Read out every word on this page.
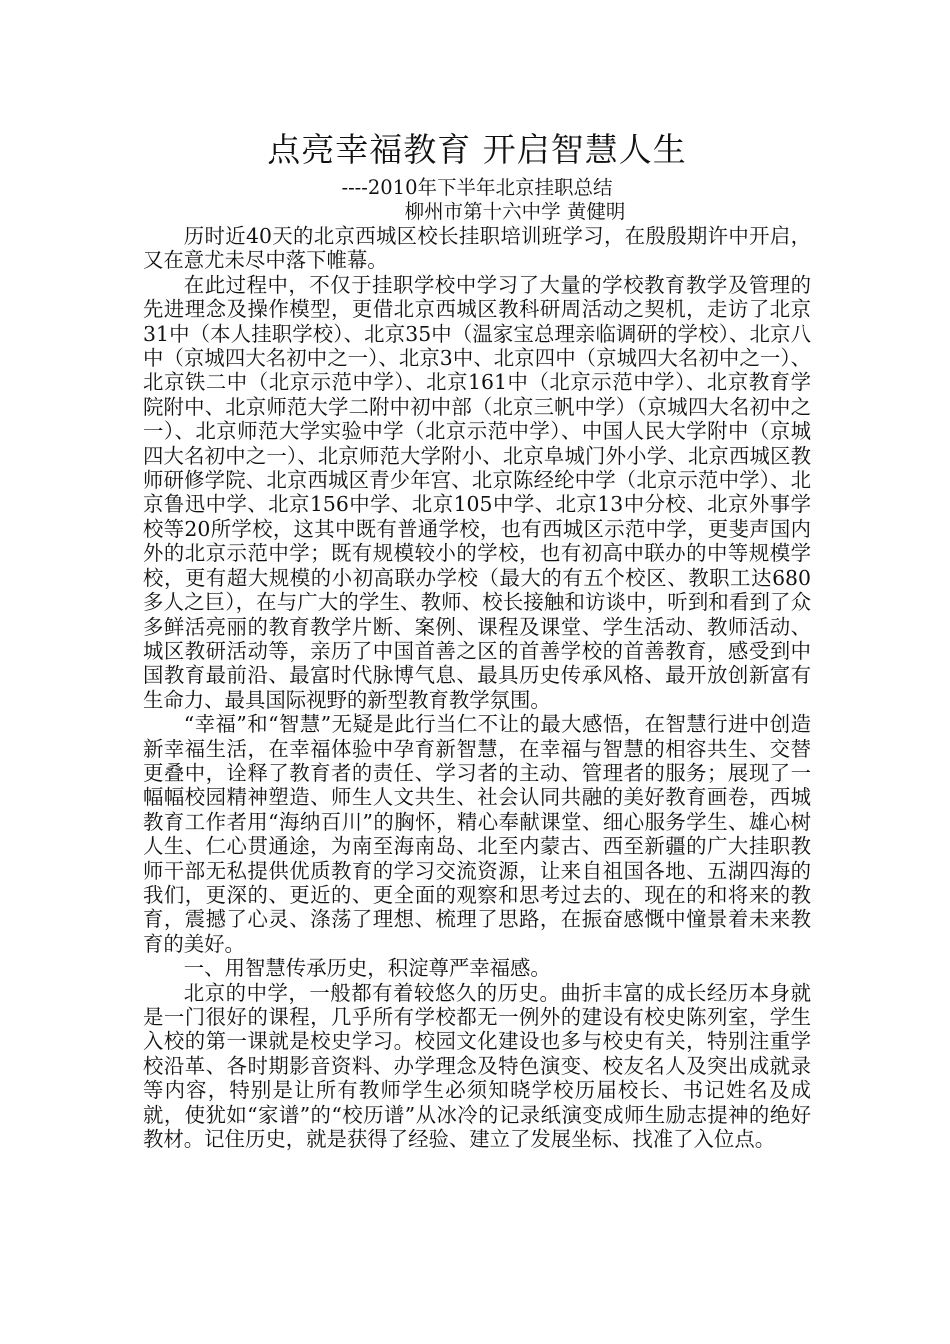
点亮幸福教育 开启智慧人生
----2010年下半年北京挂职总结
柳州市第十六中学 黄健明

历时近40天的北京西城区校长挂职培训班学习，在殷殷期许中开启，又在意尤未尽中落下帷幕。

在此过程中，不仅于挂职学校中学习了大量的学校教育教学及管理的先进理念及操作模型，更借北京西城区教科研周活动之契机，走访了北京31中（本人挂职学校）、北京35中（温家宝总理亲临调研的学校）、北京八中（京城四大名初中之一）、北京3中、北京四中（京城四大名初中之一）、北京铁二中（北京示范中学）、北京161中（北京示范中学）、北京教育学院附中、北京师范大学二附中初中部（北京三帆中学）（京城四大名初中之一）、北京师范大学实验中学（北京示范中学）、中国人民大学附中（京城四大名初中之一）、北京师范大学附小、北京阜城门外小学、北京西城区教师研修学院、北京西城区青少年宫、北京陈经纶中学（北京示范中学）、北京鲁迅中学、北京156中学、北京105中学、北京13中分校、北京外事学校等20所学校，这其中既有普通学校，也有西城区示范中学，更斐声国内外的北京示范中学；既有规模较小的学校，也有初高中联办的中等规模学校，更有超大规模的小初高联办学校（最大的有五个校区、教职工达680多人之巨），在与广大的学生、教师、校长接触和访谈中，听到和看到了众多鲜活亮丽的教育教学片断、案例、课程及课堂、学生活动、教师活动、城区教研活动等，亲历了中国首善之区的首善学校的首善教育，感受到中国教育最前沿、最富时代脉博气息、最具历史传承风格、最开放创新富有生命力、最具国际视野的新型教育教学氛围。

“幸福”和“智慧”无疑是此行当仁不让的最大感悟，在智慧行进中创造新幸福生活，在幸福体验中孕育新智慧，在幸福与智慧的相容共生、交替更叠中，诠释了教育者的责任、学习者的主动、管理者的服务；展现了一幅幅校园精神塑造、师生人文共生、社会认同共融的美好教育画卷，西城教育工作者用“海纳百川”的胸怀，精心奉献课堂、细心服务学生、雄心树人生、仁心贯通途，为南至海南岛、北至内蒙古、西至新疆的广大挂职教师干部无私提供优质教育的学习交流资源，让来自祖国各地、五湖四海的我们，更深的、更近的、更全面的观察和思考过去的、现在的和将来的教育，震撼了心灵、涤荡了理想、梳理了思路，在振奋感慨中憧景着未来教育的美好。

一、用智慧传承历史，积淀尊严幸福感。

北京的中学，一般都有着较悠久的历史。曲折丰富的成长经历本身就是一门很好的课程，几乎所有学校都无一例外的建设有校史陈列室，学生入校的第一课就是校史学习。校园文化建设也多与校史有关，特别注重学校沿革、各时期影音资料、办学理念及特色演变、校友名人及突出成就录等内容，特别是让所有教师学生必须知晓学校历届校长、书记姓名及成就，使犹如“家谱”的“校历谱”从冰冷的记录纸演变成师生励志提神的绝好教材。记住历史，就是获得了经验、建立了发展坐标、找准了入位点。
